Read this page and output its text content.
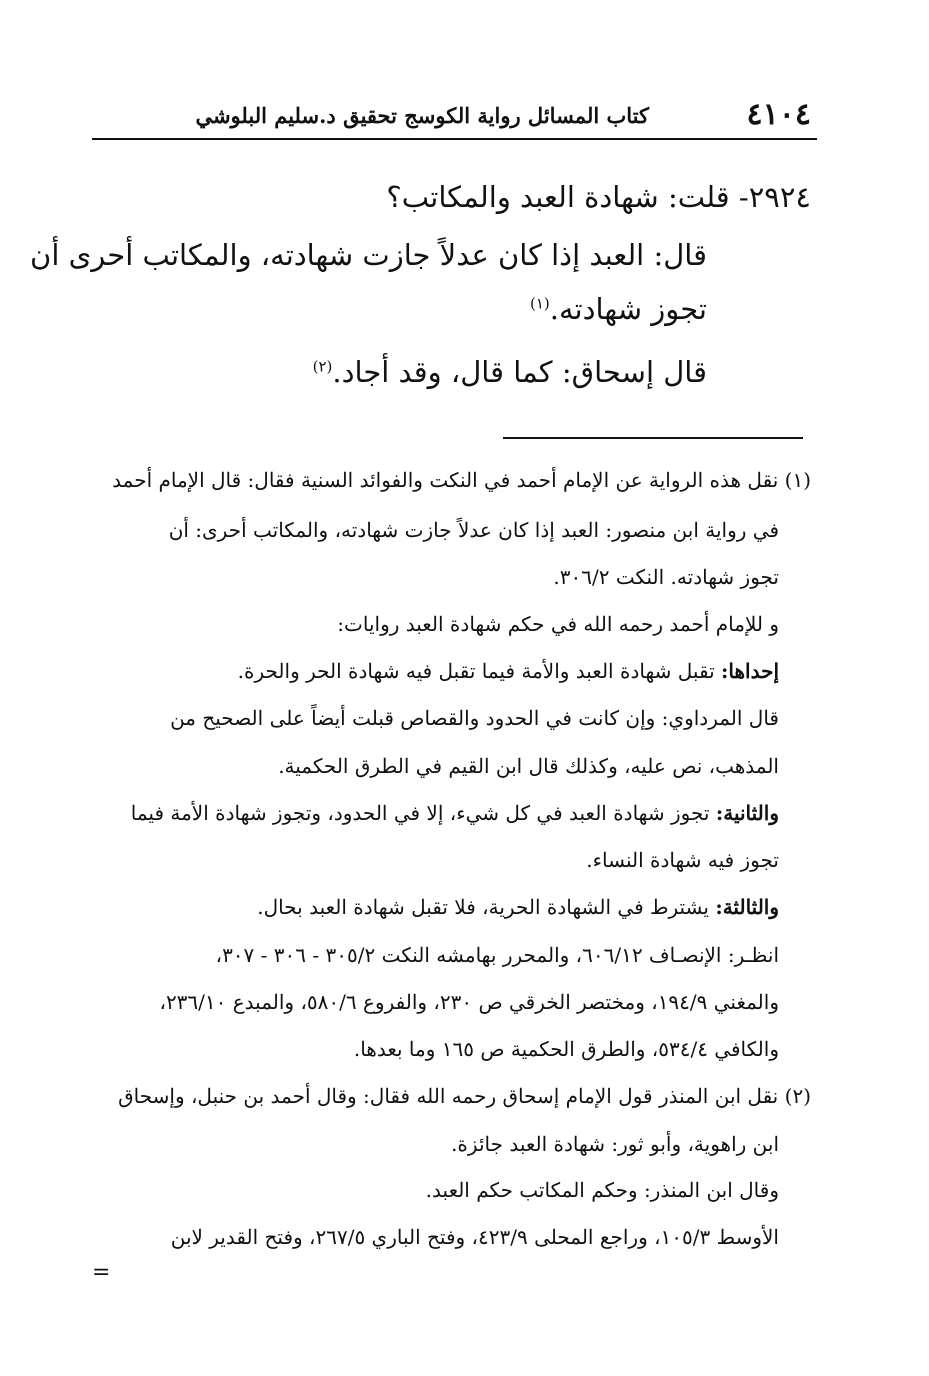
٤١٠٤
كتاب المسائل رواية الكوسج تحقيق د.سليم البلوشي
٢٩٢٤- قلت: شهادة العبد والمكاتب؟
قال: العبد إذا كان عدلاً جازت شهادته، والمكاتب أحرى أن
تجوز شهادته.$^{(١)}$
قال إسحاق: كما قال، وقد أجاد.$^{(٢)}$
(١) نقل هذه الرواية عن الإمام أحمد في النكت والفوائد السنية فقال: قال الإمام أحمد
في رواية ابن منصور: العبد إذا كان عدلاً جازت شهادته، والمكاتب أحرى: أن
تجوز شهادته. النكت ٣٠٦/٢.
و للإمام أحمد رحمه الله في حكم شهادة العبد روايات:
إحداها: تقبل شهادة العبد والأمة فيما تقبل فيه شهادة الحر والحرة.
قال المرداوي: وإن كانت في الحدود والقصاص قبلت أيضاً على الصحيح من
المذهب، نص عليه، وكذلك قال ابن القيم في الطرق الحكمية.
والثانية: تجوز شهادة العبد في كل شيء، إلا في الحدود، وتجوز شهادة الأمة فيما
تجوز فيه شهادة النساء.
والثالثة: يشترط في الشهادة الحرية، فلا تقبل شهادة العبد بحال.
انظـر: الإنصـاف ٦٠٦/١٢، والمحرر بهامشه النكت ٣٠٥/٢ - ٣٠٦ - ٣٠٧،
والمغني ١٩٤/٩، ومختصر الخرقي ص ٢٣٠، والفروع ٥٨٠/٦، والمبدع ٢٣٦/١٠،
والكافي ٥٣٤/٤، والطرق الحكمية ص ١٦٥ وما بعدها.
(٢) نقل ابن المنذر قول الإمام إسحاق رحمه الله فقال: وقال أحمد بن حنبل، وإسحاق
ابن راهوية، وأبو ثور: شهادة العبد جائزة.
وقال ابن المنذر: وحكم المكاتب حكم العبد.
الأوسط ١٠٥/٣، وراجع المحلى ٤٢٣/٩، وفتح الباري ٢٦٧/٥، وفتح القدير لابن
=
